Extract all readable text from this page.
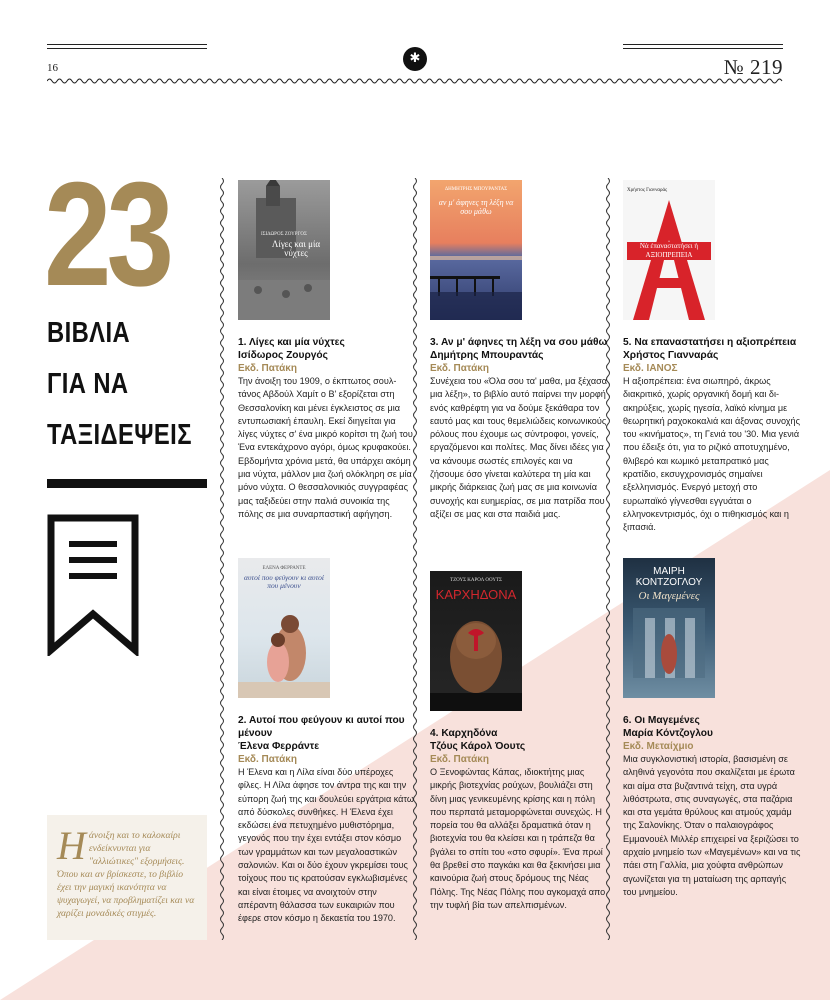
✱
16	№ 219
23
ΒΙΒΛΙΑ
ΓΙΑ ΝΑ
ΤΑΞΙΔΕΨΕΙΣ
Ηάνοιξη και το καλοκαίρι ενδείκνυνται για "αλλιώτικες" εξορμήσεις. Όπου και αν βρίσκεστε, το βιβλίο έχει την μαγική ικανότητα να ψυχαγωγεί, να προβληματίζει και να χαρίζει μοναδικές στιγμές.
ΙΣΙΔΩΡΟΣ ΖΟΥΡΓΟΣ
Λίγες και μία νύχτες
ΕΛΕΝΑ ΦΕΡΡΑΝΤΕ
αυτοί που φεύγουν κι αυτοί που μένουν
ΔΗΜΗΤΡΗΣ ΜΠΟΥΡΑΝΤΑΣ
αν μ' άφηνες τη λέξη να σου μάθω
ΤΖΟΥΣ ΚΑΡΟΛ ΟΟΥΤΣ
ΚΑΡΧΗΔΟΝΑ
Χρήστος Γιανναράς
Νὰ ἐπαναστατήσει ἡ ΑΞΙΟΠΡΕΠΕΙΑ
ΜΑΙΡΗ ΚΟΝΤΖΟΓΛΟΥ
Οι Μαγεμένες
1. Λίγες και μία νύχτες
Ισίδωρος Ζουργός
Εκδ. Πατάκη

Την άνοιξη του 1909, ο έκπτωτος σουλτάνος Αβδούλ Χαμίτ ο Β' εξορίζεται στη Θεσσαλονίκη και μένει έγκλειστος σε μια εντυπωσιακή έπαυλη. Εκεί διηγείται για λίγες νύχτες σ' ένα μικρό κορίτσι τη ζωή του. Ένα εντεκάχρονο αγόρι, όμως κρυφακούει. Εβδομήντα χρόνια μετά, θα υπάρχει ακόμη μια νύχτα, μάλλον μια ζωή ολόκληρη σε μία μόνο νύχτα. Ο θεσσαλονικιός συγγραφέας μας ταξιδεύει στην παλιά συνοικία της πόλης σε μια συναρπαστική αφήγηση.

2. Αυτοί που φεύγουν κι αυτοί που μένουν
Έλενα Φερράντε
Εκδ. Πατάκη

Η Έλενα και η Λίλα είναι δύο υπέροχες φίλες. Η Λίλα άφησε τον άντρα της και την εύπορη ζωή της και δουλεύει εργάτρια κάτω από δύσκολες συνθήκες. Η Έλενα έχει εκδώσει ένα πετυχημένο μυθιστόρημα, γεγονός που την έχει εντάξει στον κόσμο των γραμμάτων και των μεγαλοαστικών σαλονιών. Και οι δύο έχουν γκρεμίσει τους τοίχους που τις κρατούσαν εγκλωβισμένες και είναι έτοιμες να ανοιχτούν στην απέραντη θάλασσα των ευκαιριών που έφερε στον κόσμο η δεκαετία του 1970.

3. Αν μ' άφηνες τη λέξη να σου μάθω
Δημήτρης Μπουραντάς
Εκδ. Πατάκη

Συνέχεια του «Όλα σου τα' μαθα, μα ξέχασα μια λέξη», το βιβλίο αυτό παίρνει την μορφή ενός καθρέφτη για να δούμε ξεκάθαρα τον εαυτό μας και τους θεμελιώδεις κοινωνικούς ρόλους που έχουμε ως σύντροφοι, γονείς, εργαζόμενοι και πολίτες. Μας δίνει ιδέες για να κάνουμε σωστές επιλογές και να ζήσουμε όσο γίνεται καλύτερα τη μία και μικρής διάρκειας ζωή μας σε μια κοινωνία συνοχής και ευημερίας, σε μια πατρίδα που αξίζει σε μας και στα παιδιά μας.

4. Καρχηδόνα
Τζόυς Κάρολ Όουτς
Εκδ. Πατάκη

Ο Ξενοφώντας Κάπας, ιδιοκτήτης μιας μικρής βιοτεχνίας ρούχων, βουλιάζει στη δίνη μιας γενικευμένης κρίσης και η πόλη που περπατά μεταμορφώνεται συνεχώς. Η πορεία του θα αλλάξει δραματικά όταν η βιοτεχνία του θα κλείσει και η τράπεζα θα βγάλει το σπίτι του «στο σφυρί». Ένα πρωί θα βρεθεί στο παγκάκι και θα ξεκινήσει μια καινούρια ζωή στους δρόμους της Νέας Πόλης. Της Νέας Πόλης που αγκομαχά απο την τυφλή βία των απελπισμένων.

5. Να επαναστατήσει η αξιοπρέπεια
Χρήστος Γιανναράς
Εκδ. ΙΑΝΟΣ

Η αξιοπρέπεια: ένα σιωπηρό, άκρως διακριτικό, χωρίς οργανική δομή και διακηρύξεις, χωρίς ηγεσία, λαϊκό κίνημα με θεωρητική ραχοκοκαλιά και άξονας συνοχής του «κινήματος», τη Γενιά του '30. Μια γενιά που έδειξε ότι, για το ριζικό αποτυχημένο, θλιβερό και κωμικό μεταπρατικό μας κρατίδιο, εκσυγχρονισμός σημαίνει εξελληνισμός. Ενεργό μετοχή στο ευρωπαϊκό γίγνεσθαι εγγυάται ο ελληνοκεντρισμός, όχι ο πιθηκισμός και η ξιπασιά.

6. Οι Μαγεμένες
Μαρία Κόντζογλου
Εκδ. Μεταίχμιο

Μια συγκλονιστική ιστορία, βασισμένη σε αληθινά γεγονότα που σκαλίζεται με έρωτα και αίμα στα βυζαντινά τείχη, στα υγρά λιθόστρωτα, στις συναγωγές, στα παζάρια και στα γεμάτα θρύλους και ατμούς χαμάμ της Σαλονίκης. Όταν ο παλαιογράφος Εμμανουέλ Μιλλέρ επιχειρεί να ξεριζώσει το αρχαίο μνημείο των «Μαγεμένων» και να τις πάει στη Γαλλία, μια χούφτα ανθρώπων αγωνίζεται για τη ματαίωση της αρπαγής του μνημείου.
